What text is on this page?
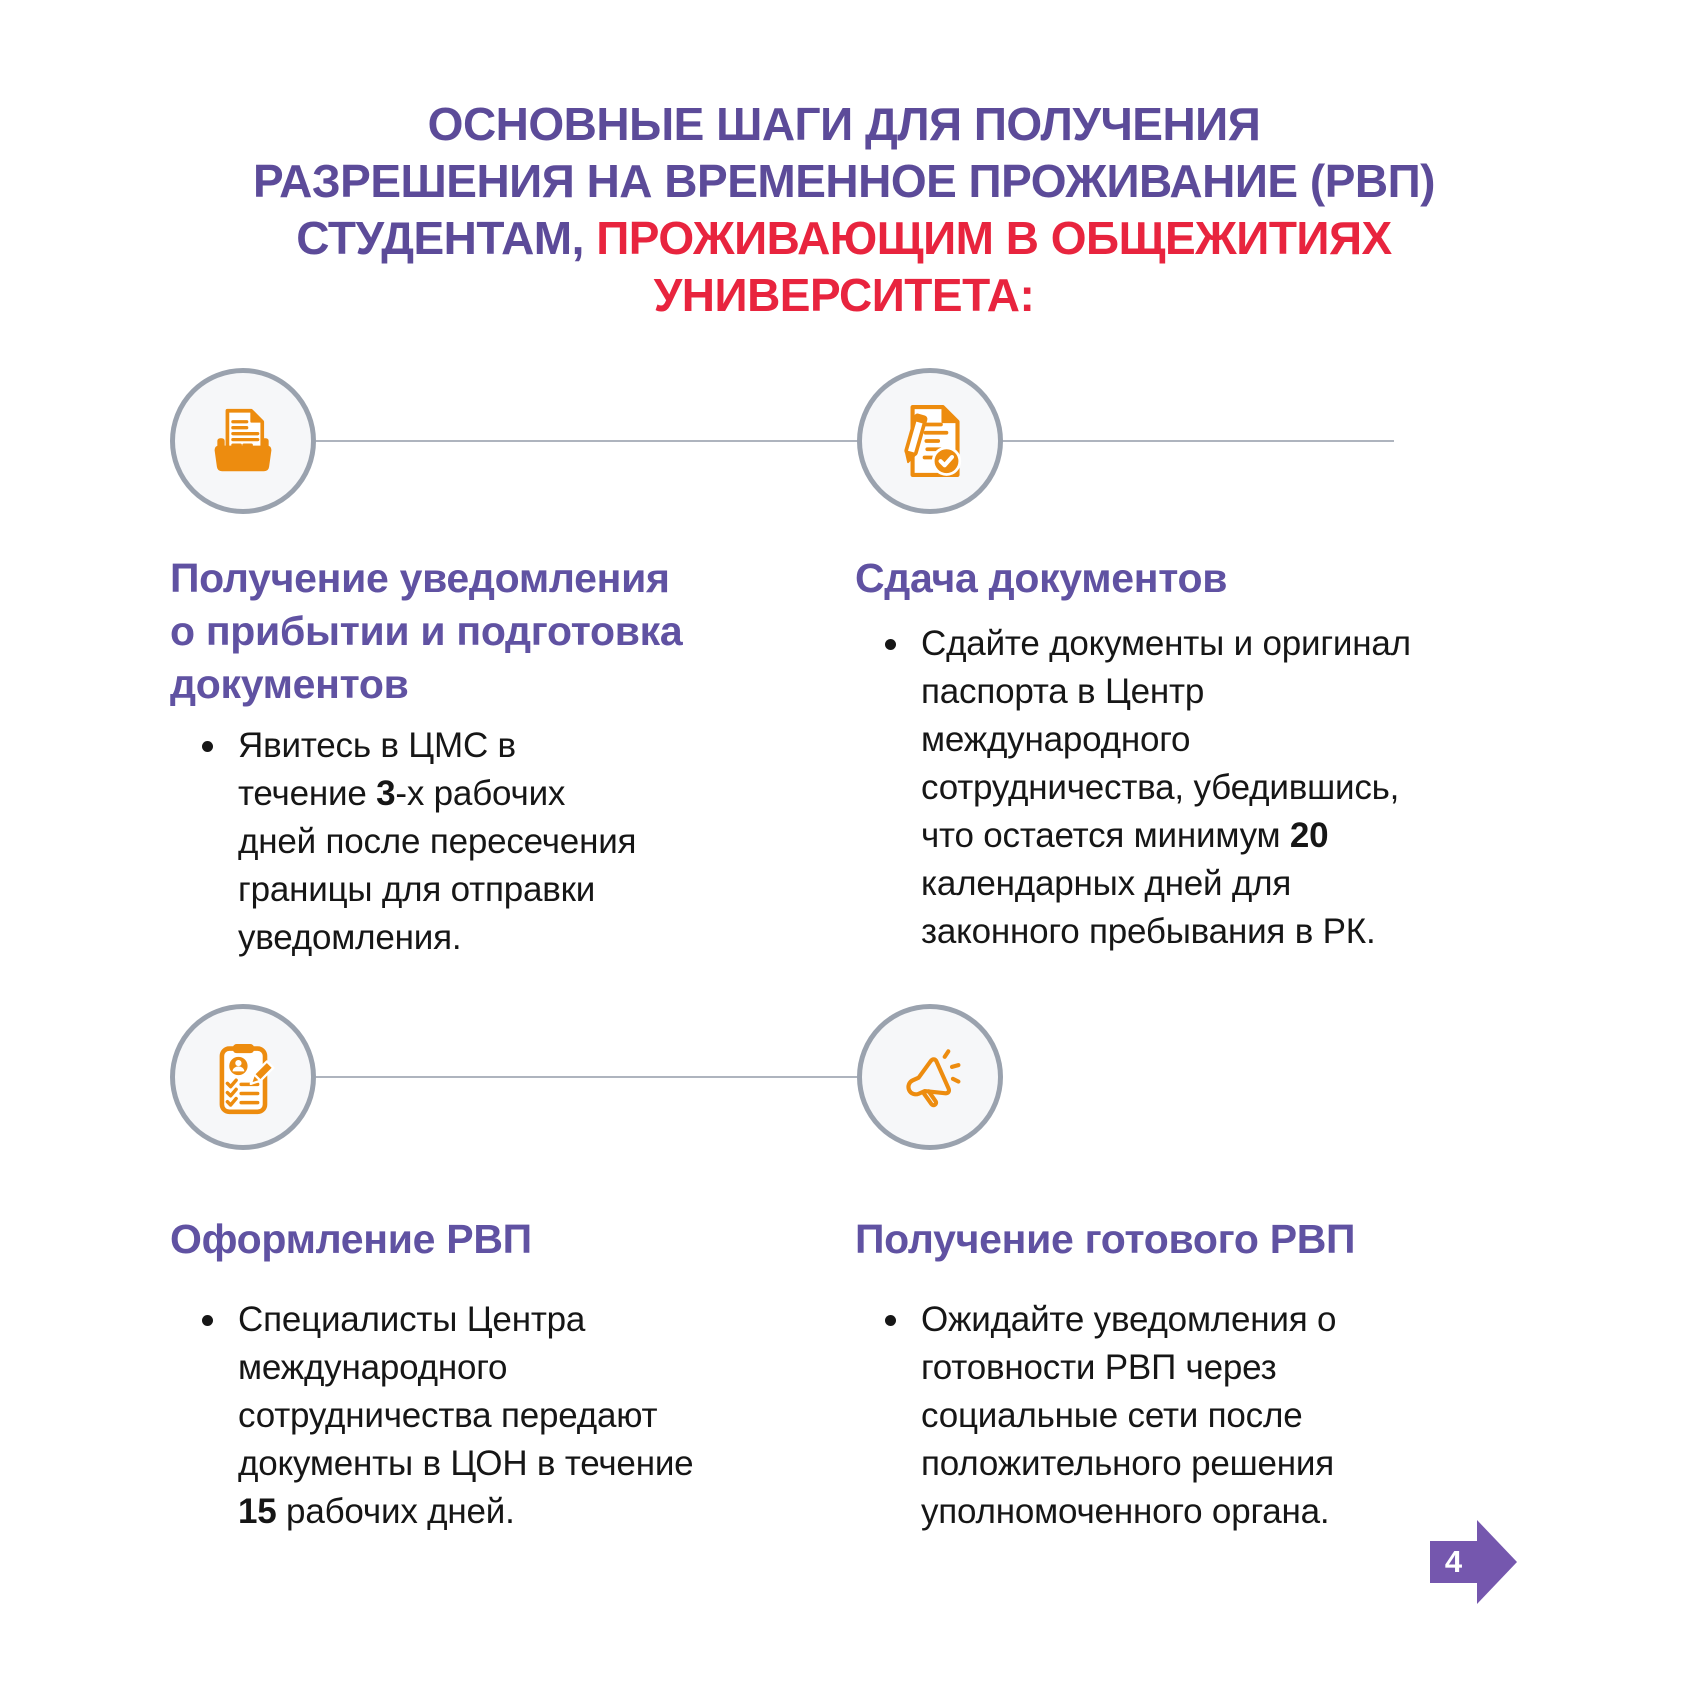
ОСНОВНЫЕ ШАГИ ДЛЯ ПОЛУЧЕНИЯ
РАЗРЕШЕНИЯ НА ВРЕМЕННОЕ ПРОЖИВАНИЕ (РВП)
СТУДЕНТАМ, ПРОЖИВАЮЩИМ В ОБЩЕЖИТИЯХ
УНИВЕРСИТЕТА:
Получение уведомления
о прибытии и подготовка
документов
Явитесь в ЦМС в течение 3-х рабочих дней после пересечения границы для отправки уведомления.
Сдача документов
Сдайте документы и оригинал паспорта в Центр международного сотрудничества, убедившись, что остается минимум 20 календарных дней для законного пребывания в РК.
Оформление РВП
Специалисты Центра международного сотрудничества передают документы в ЦОН в течение 15 рабочих дней.
Получение готового РВП
Ожидайте уведомления о готовности РВП через социальные сети после положительного решения уполномоченного органа.
4
